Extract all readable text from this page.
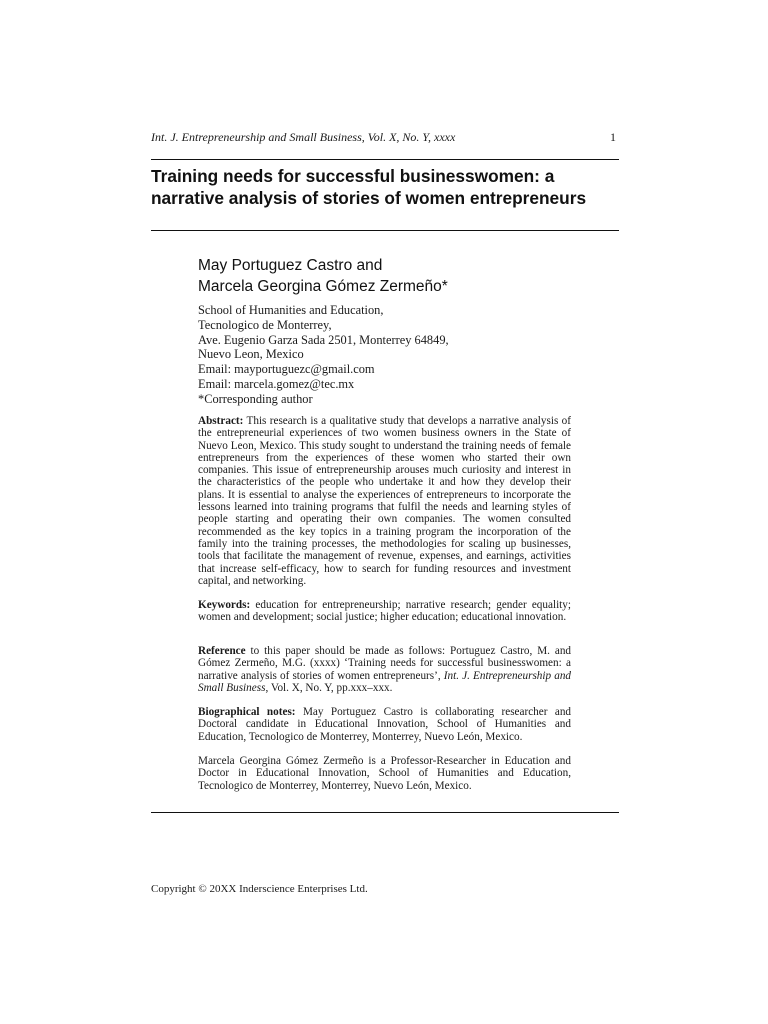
Int. J. Entrepreneurship and Small Business, Vol. X, No. Y, xxxx	1
Training needs for successful businesswomen: a narrative analysis of stories of women entrepreneurs
May Portuguez Castro and
Marcela Georgina Gómez Zermeño*
School of Humanities and Education,
Tecnologico de Monterrey,
Ave. Eugenio Garza Sada 2501, Monterrey 64849,
Nuevo Leon, Mexico
Email: mayportuguezc@gmail.com
Email: marcela.gomez@tec.mx
*Corresponding author

Abstract: This research is a qualitative study that develops a narrative analysis of the entrepreneurial experiences of two women business owners in the State of Nuevo Leon, Mexico. This study sought to understand the training needs of female entrepreneurs from the experiences of these women who started their own companies. This issue of entrepreneurship arouses much curiosity and interest in the characteristics of the people who undertake it and how they develop their plans. It is essential to analyse the experiences of entrepreneurs to incorporate the lessons learned into training programs that fulfil the needs and learning styles of people starting and operating their own companies. The women consulted recommended as the key topics in a training program the incorporation of the family into the training processes, the methodologies for scaling up businesses, tools that facilitate the management of revenue, expenses, and earnings, activities that increase self-efficacy, how to search for funding resources and investment capital, and networking.

Keywords: education for entrepreneurship; narrative research; gender equality; women and development; social justice; higher education; educational innovation.

Reference to this paper should be made as follows: Portuguez Castro, M. and Gómez Zermeño, M.G. (xxxx) ‘Training needs for successful businesswomen: a narrative analysis of stories of women entrepreneurs’, Int. J. Entrepreneurship and Small Business, Vol. X, No. Y, pp.xxx–xxx.

Biographical notes: May Portuguez Castro is collaborating researcher and Doctoral candidate in Educational Innovation, School of Humanities and Education, Tecnologico de Monterrey, Monterrey, Nuevo León, Mexico.

Marcela Georgina Gómez Zermeño is a Professor-Researcher in Education and Doctor in Educational Innovation, School of Humanities and Education, Tecnologico de Monterrey, Monterrey, Nuevo León, Mexico.

Copyright © 20XX Inderscience Enterprises Ltd.
